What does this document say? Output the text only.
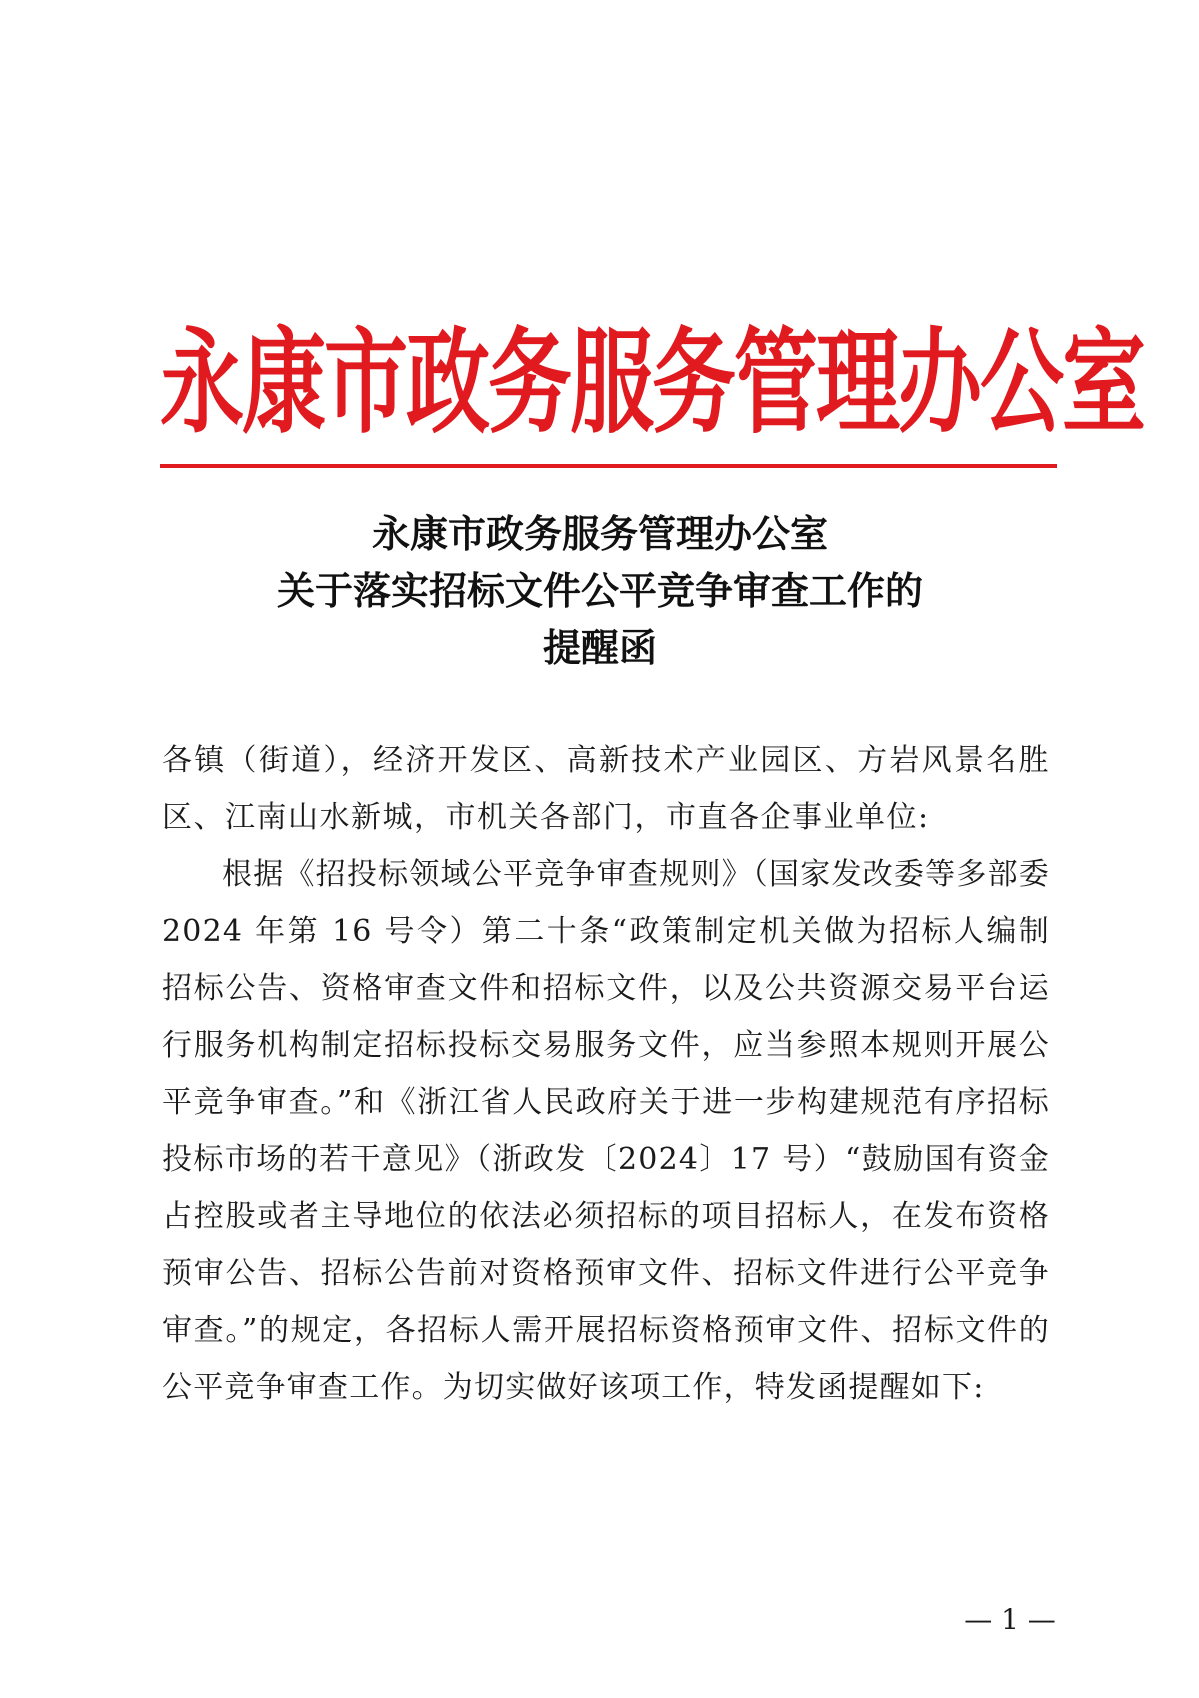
永康市政务服务管理办公室
永康市政务服务管理办公室
关于落实招标文件公平竞争审查工作的
提醒函

各镇（街道），经济开发区、高新技术产业园区、方岩风景名胜区、江南山水新城，市机关各部门，市直各企事业单位:

根据《招投标领域公平竞争审查规则》（国家发改委等多部委 2024 年第 16 号令）第二十条“政策制定机关做为招标人编制招标公告、资格审查文件和招标文件，以及公共资源交易平台运行服务机构制定招标投标交易服务文件，应当参照本规则开展公平竞争审查。”和《浙江省人民政府关于进一步构建规范有序招标投标市场的若干意见》（浙政发〔2024〕17 号）“鼓励国有资金占控股或者主导地位的依法必须招标的项目招标人，在发布资格预审公告、招标公告前对资格预审文件、招标文件进行公平竞争审查。”的规定，各招标人需开展招标资格预审文件、招标文件的公平竞争审查工作。为切实做好该项工作，特发函提醒如下:

— 1 —
